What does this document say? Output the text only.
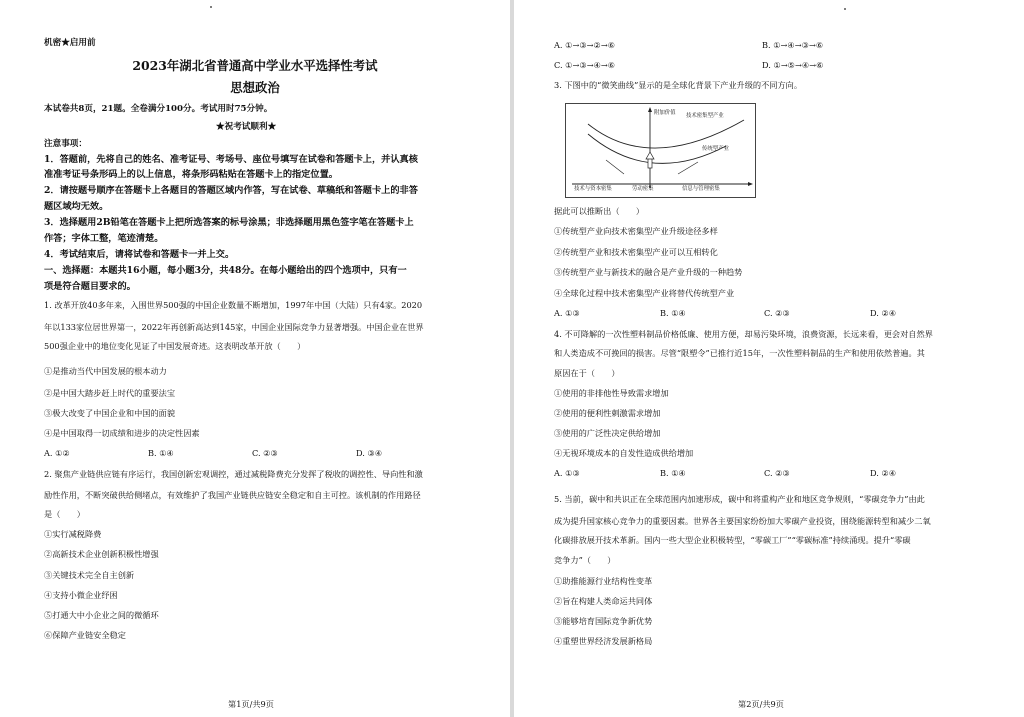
机密★启用前
2023年湖北省普通高中学业水平选择性考试
思想政治
本试卷共8页，21题。全卷满分100分。考试用时75分钟。
★祝考试顺利★
注意事项：
1．答题前，先将自己的姓名、准考证号、考场号、座位号填写在试卷和答题卡上，并认真核
准准考证号条形码上的以上信息，将条形码粘贴在答题卡上的指定位置。
2．请按题号顺序在答题卡上各题目的答题区域内作答，写在试卷、草稿纸和答题卡上的非答
题区域均无效。
3．选择题用2B铅笔在答题卡上把所选答案的标号涂黑；非选择题用黑色签字笔在答题卡上
作答；字体工整，笔迹清楚。
4．考试结束后，请将试卷和答题卡一并上交。
一、选择题：本题共16小题，每小题3分，共48分。在每小题给出的四个选项中，只有一
项是符合题目要求的。
1. 改革开放40多年来，入围世界500强的中国企业数量不断增加，1997年中国（大陆）只有4家。2020
年以133家位居世界第一，2022年再创新高达到145家，中国企业国际竞争力显著增强。中国企业在世界
500强企业中的地位变化见证了中国发展奇迹。这表明改革开放（　　）
①是推动当代中国发展的根本动力
②是中国大踏步赶上时代的重要法宝
③极大改变了中国企业和中国的面貌
④是中国取得一切成绩和进步的决定性因素
A. ①②	B. ①④	C. ②③	D. ③④
2. 聚焦产业链供应链有序运行，我国创新宏观调控，通过减税降费充分发挥了税收的调控性、导向性和激
励性作用，不断突破供给侧堵点，有效维护了我国产业链供应链安全稳定和自主可控。该机制的作用路径
是（　　）
①实行减税降费
②高新技术企业创新积极性增强
③关键技术完全自主创新
④支持小微企业纾困
⑤打通大中小企业之间的微循环
⑥保障产业链安全稳定
第1页/共9页
A. ①→③→②→⑥	B. ①→④→③→⑥
C. ①→③→④→⑥	D. ①→⑤→④→⑥
3. 下图中的“微笑曲线”显示的是全球化背景下产业升级的不同方向。
附加价值 技术密集型产业
传统型产业
技术与资本密集	劳动密集	信息与管理密集
据此可以推断出（　　）
①传统型产业向技术密集型产业升级途径多样
②传统型产业和技术密集型产业可以互相转化
③传统型产业与新技术的融合是产业升级的一种趋势
④全球化过程中技术密集型产业将替代传统型产业
A. ①③	B. ①④	C. ②③	D. ②④
4. 不可降解的一次性塑料制品价格低廉、使用方便，却易污染环境，浪费资源，长远来看，更会对自然界
和人类造成不可挽回的损害。尽管“限塑令”已推行近15年，一次性塑料制品的生产和使用依然普遍。其
原因在于（　　）
①使用的非排他性导致需求增加
②使用的便利性刺激需求增加
③使用的广泛性决定供给增加
④无视环境成本的自发性造成供给增加
A. ①③	B. ①④	C. ②③	D. ②④
5. 当前，碳中和共识正在全球范围内加速形成，碳中和将重构产业和地区竞争规则，“零碳竞争力”由此
成为提升国家核心竞争力的重要因素。世界各主要国家纷纷加大零碳产业投资，围绕能源转型和减少二氧
化碳排放展开技术革新。国内一些大型企业积极转型，“零碳工厂”“零碳标准”持续涌现。提升“零碳
竞争力”（　　）
①助推能源行业结构性变革
②旨在构建人类命运共同体
③能够培育国际竞争新优势
④重塑世界经济发展新格局
第2页/共9页
